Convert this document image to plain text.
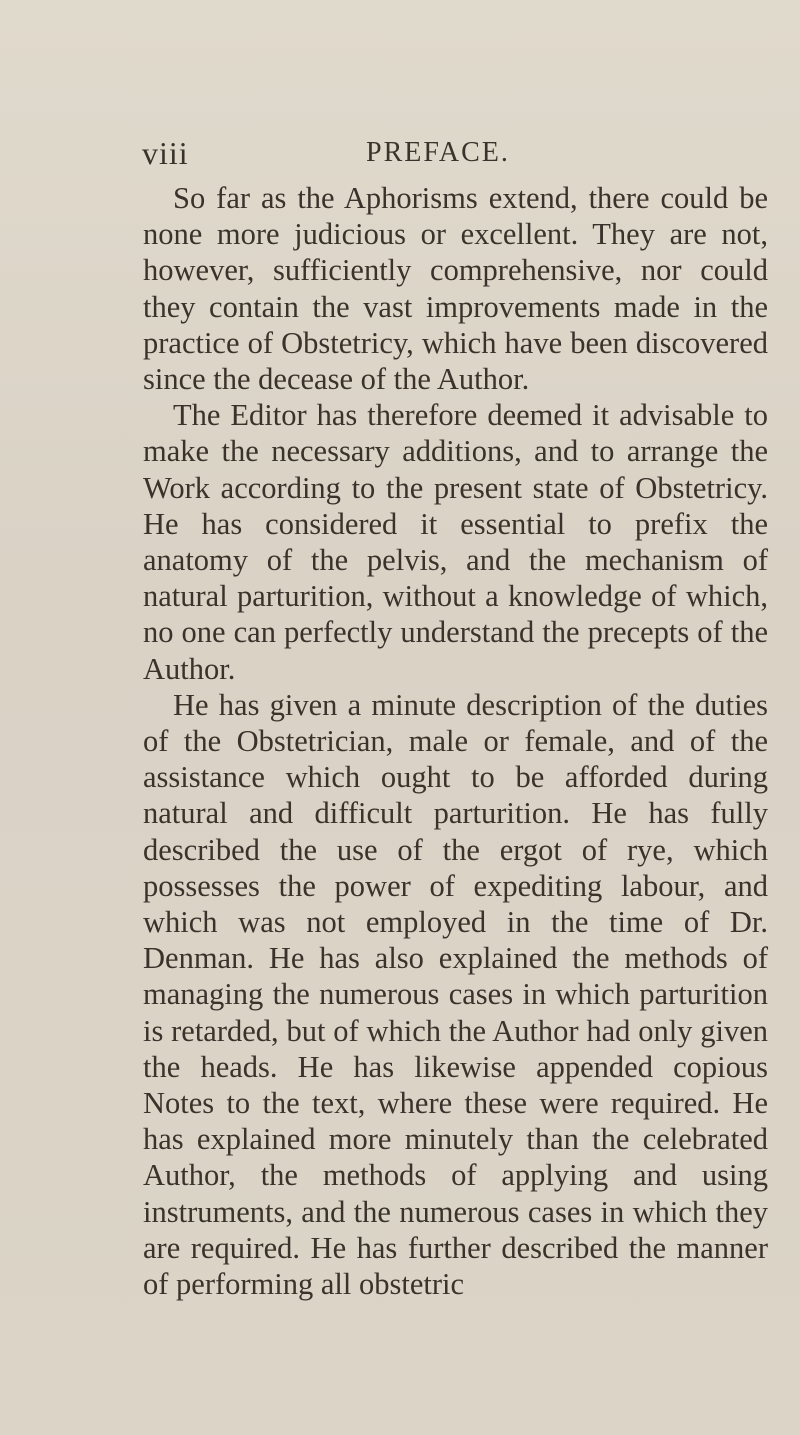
viii	PREFACE.

So far as the Aphorisms extend, there could be none more judicious or excellent. They are not, however, sufficiently comprehensive, nor could they contain the vast improvements made in the practice of Obstetricy, which have been discovered since the decease of the Author.

The Editor has therefore deemed it advisable to make the necessary additions, and to arrange the Work according to the present state of Obstetricy. He has considered it essential to prefix the anatomy of the pelvis, and the mechanism of natural parturition, without a knowledge of which, no one can perfectly understand the precepts of the Author.

He has given a minute description of the duties of the Obstetrician, male or female, and of the assistance which ought to be afforded during natural and difficult parturition. He has fully described the use of the ergot of rye, which possesses the power of expediting labour, and which was not employed in the time of Dr. Denman. He has also explained the methods of managing the numerous cases in which parturition is retarded, but of which the Author had only given the heads. He has likewise appended copious Notes to the text, where these were required. He has explained more minutely than the celebrated Author, the methods of applying and using instruments, and the numerous cases in which they are required. He has further described the manner of performing all obstetric
